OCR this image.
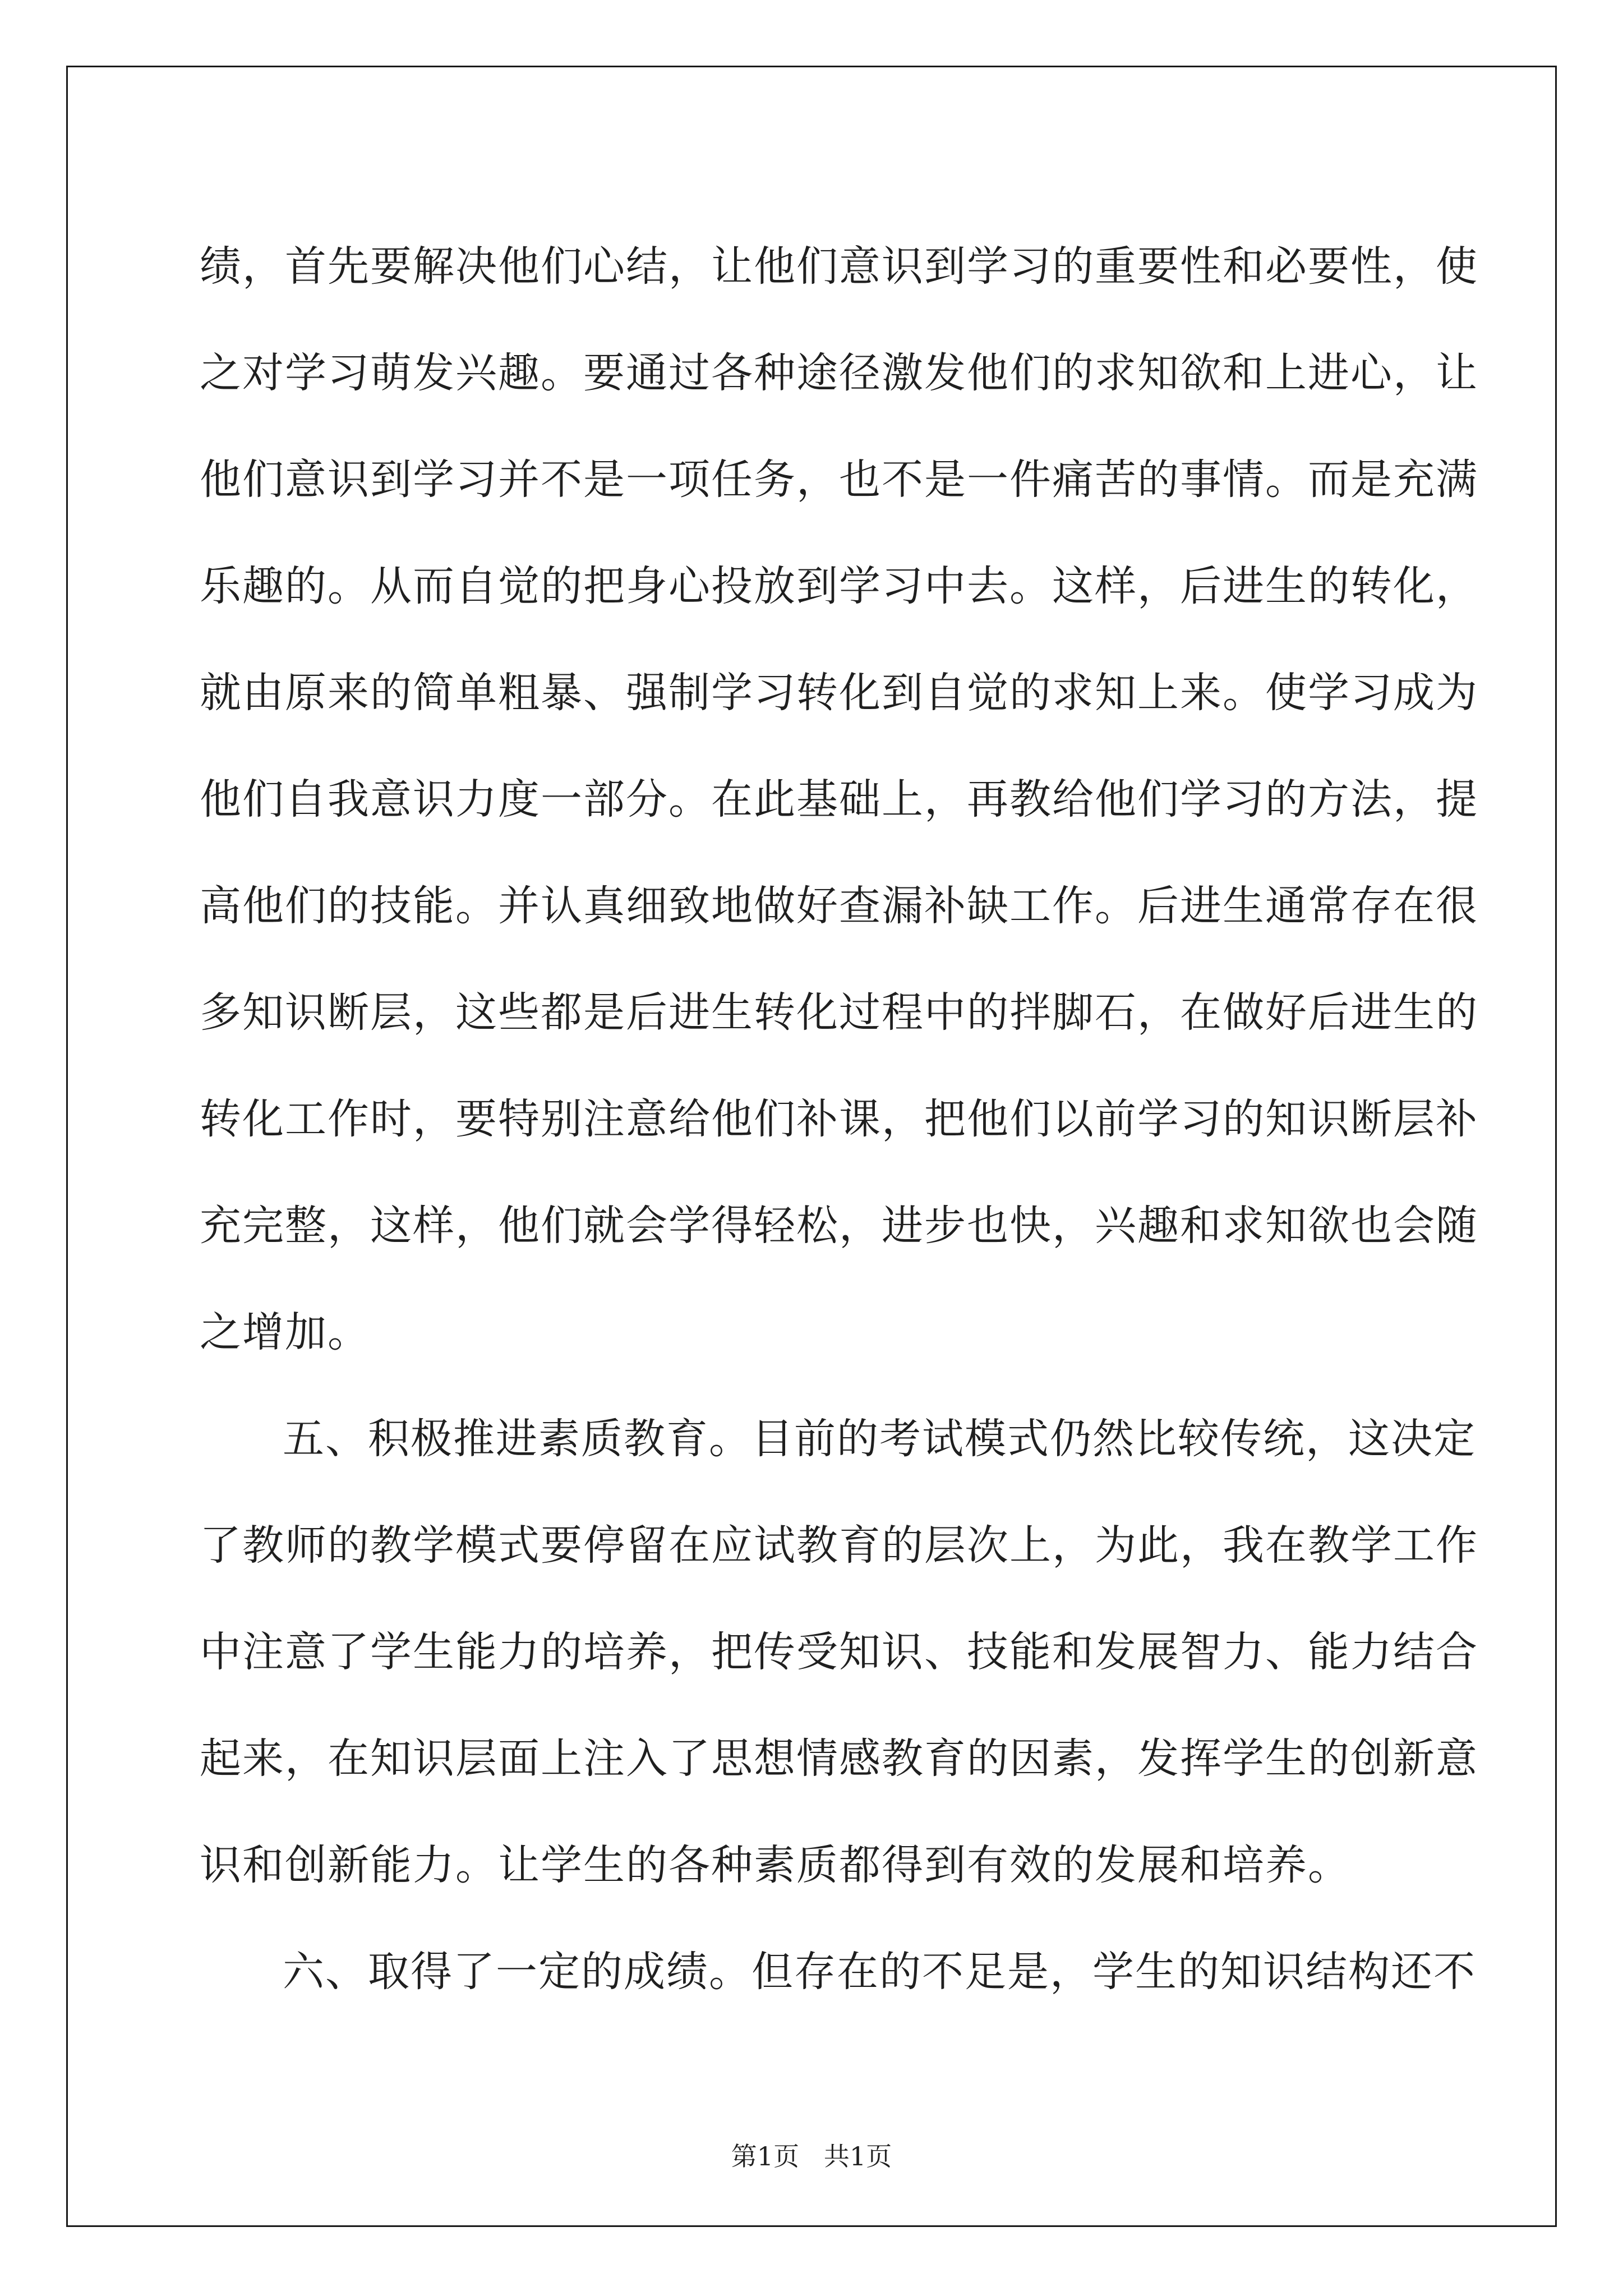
绩，首先要解决他们心结，让他们意识到学习的重要性和必要性，使
之对学习萌发兴趣。要通过各种途径激发他们的求知欲和上进心，让
他们意识到学习并不是一项任务，也不是一件痛苦的事情。而是充满
乐趣的。从而自觉的把身心投放到学习中去。这样，后进生的转化，
就由原来的简单粗暴、强制学习转化到自觉的求知上来。使学习成为
他们自我意识力度一部分。在此基础上，再教给他们学习的方法，提
高他们的技能。并认真细致地做好查漏补缺工作。后进生通常存在很
多知识断层，这些都是后进生转化过程中的拌脚石，在做好后进生的
转化工作时，要特别注意给他们补课，把他们以前学习的知识断层补
充完整，这样，他们就会学得轻松，进步也快，兴趣和求知欲也会随
之增加。
五、积极推进素质教育。目前的考试模式仍然比较传统，这决定
了教师的教学模式要停留在应试教育的层次上，为此，我在教学工作
中注意了学生能力的培养，把传受知识、技能和发展智力、能力结合
起来，在知识层面上注入了思想情感教育的因素，发挥学生的创新意
识和创新能力。让学生的各种素质都得到有效的发展和培养。
六、取得了一定的成绩。但存在的不足是，学生的知识结构还不
第1页   共1页
